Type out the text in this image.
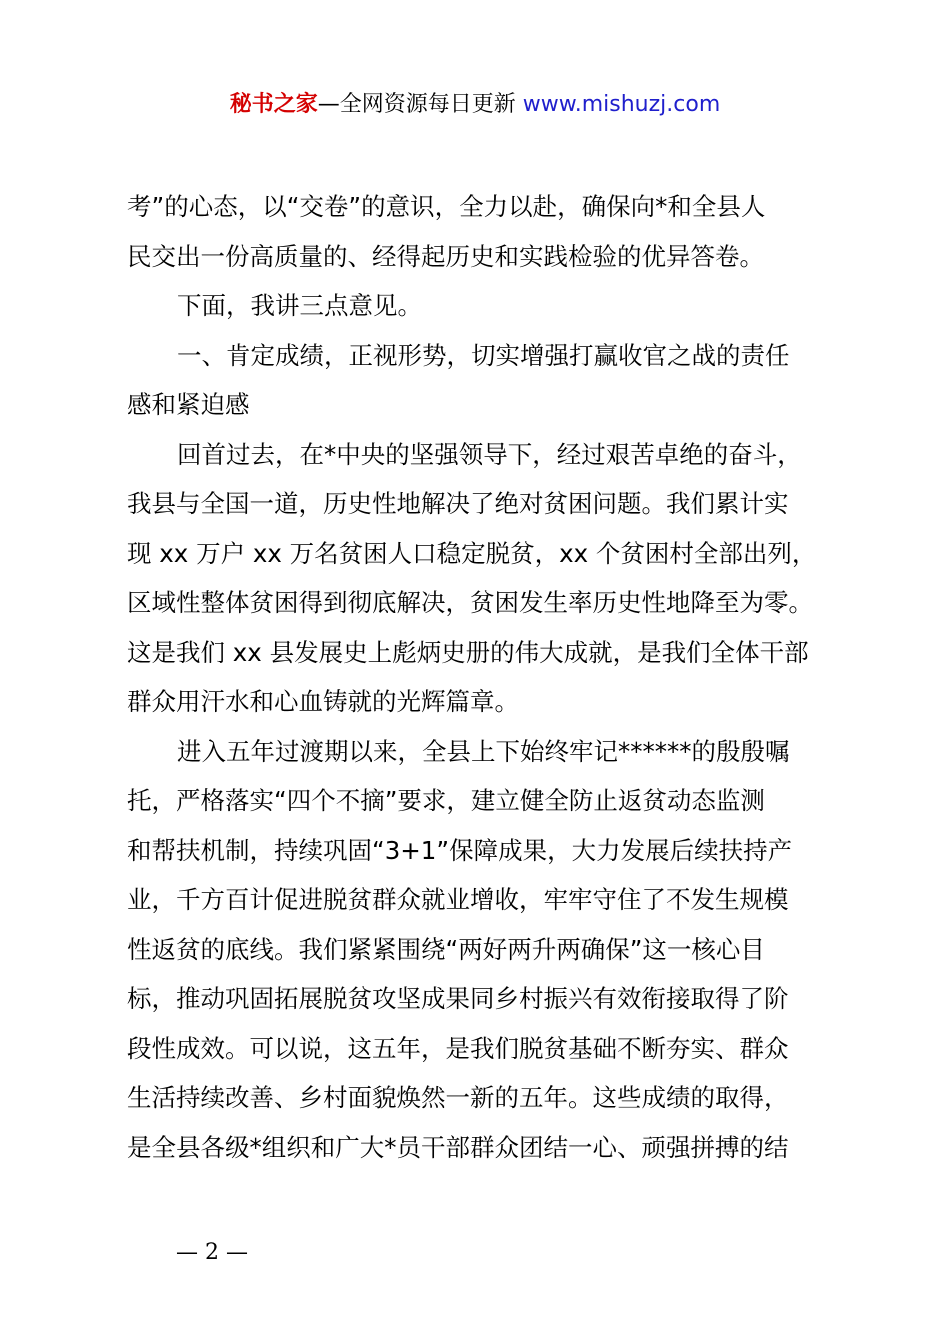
秘书之家—全网资源每日更新 www.mishuzj.com
考”的心态，以“交卷”的意识，全力以赴，确保向*和全县人
民交出一份高质量的、经得起历史和实践检验的优异答卷。
下面，我讲三点意见。
一、肯定成绩，正视形势，切实增强打赢收官之战的责任
感和紧迫感
回首过去，在*中央的坚强领导下，经过艰苦卓绝的奋斗，
我县与全国一道，历史性地解决了绝对贫困问题。我们累计实
现 xx 万户 xx 万名贫困人口稳定脱贫，xx 个贫困村全部出列，
区域性整体贫困得到彻底解决，贫困发生率历史性地降至为零。
这是我们 xx 县发展史上彪炳史册的伟大成就，是我们全体干部
群众用汗水和心血铸就的光辉篇章。
进入五年过渡期以来，全县上下始终牢记******的殷殷嘱
托，严格落实“四个不摘”要求，建立健全防止返贫动态监测
和帮扶机制，持续巩固“3+1”保障成果，大力发展后续扶持产
业，千方百计促进脱贫群众就业增收，牢牢守住了不发生规模
性返贫的底线。我们紧紧围绕“两好两升两确保”这一核心目
标，推动巩固拓展脱贫攻坚成果同乡村振兴有效衔接取得了阶
段性成效。可以说，这五年，是我们脱贫基础不断夯实、群众
生活持续改善、乡村面貌焕然一新的五年。这些成绩的取得，
是全县各级*组织和广大*员干部群众团结一心、顽强拼搏的结
— 2 —
